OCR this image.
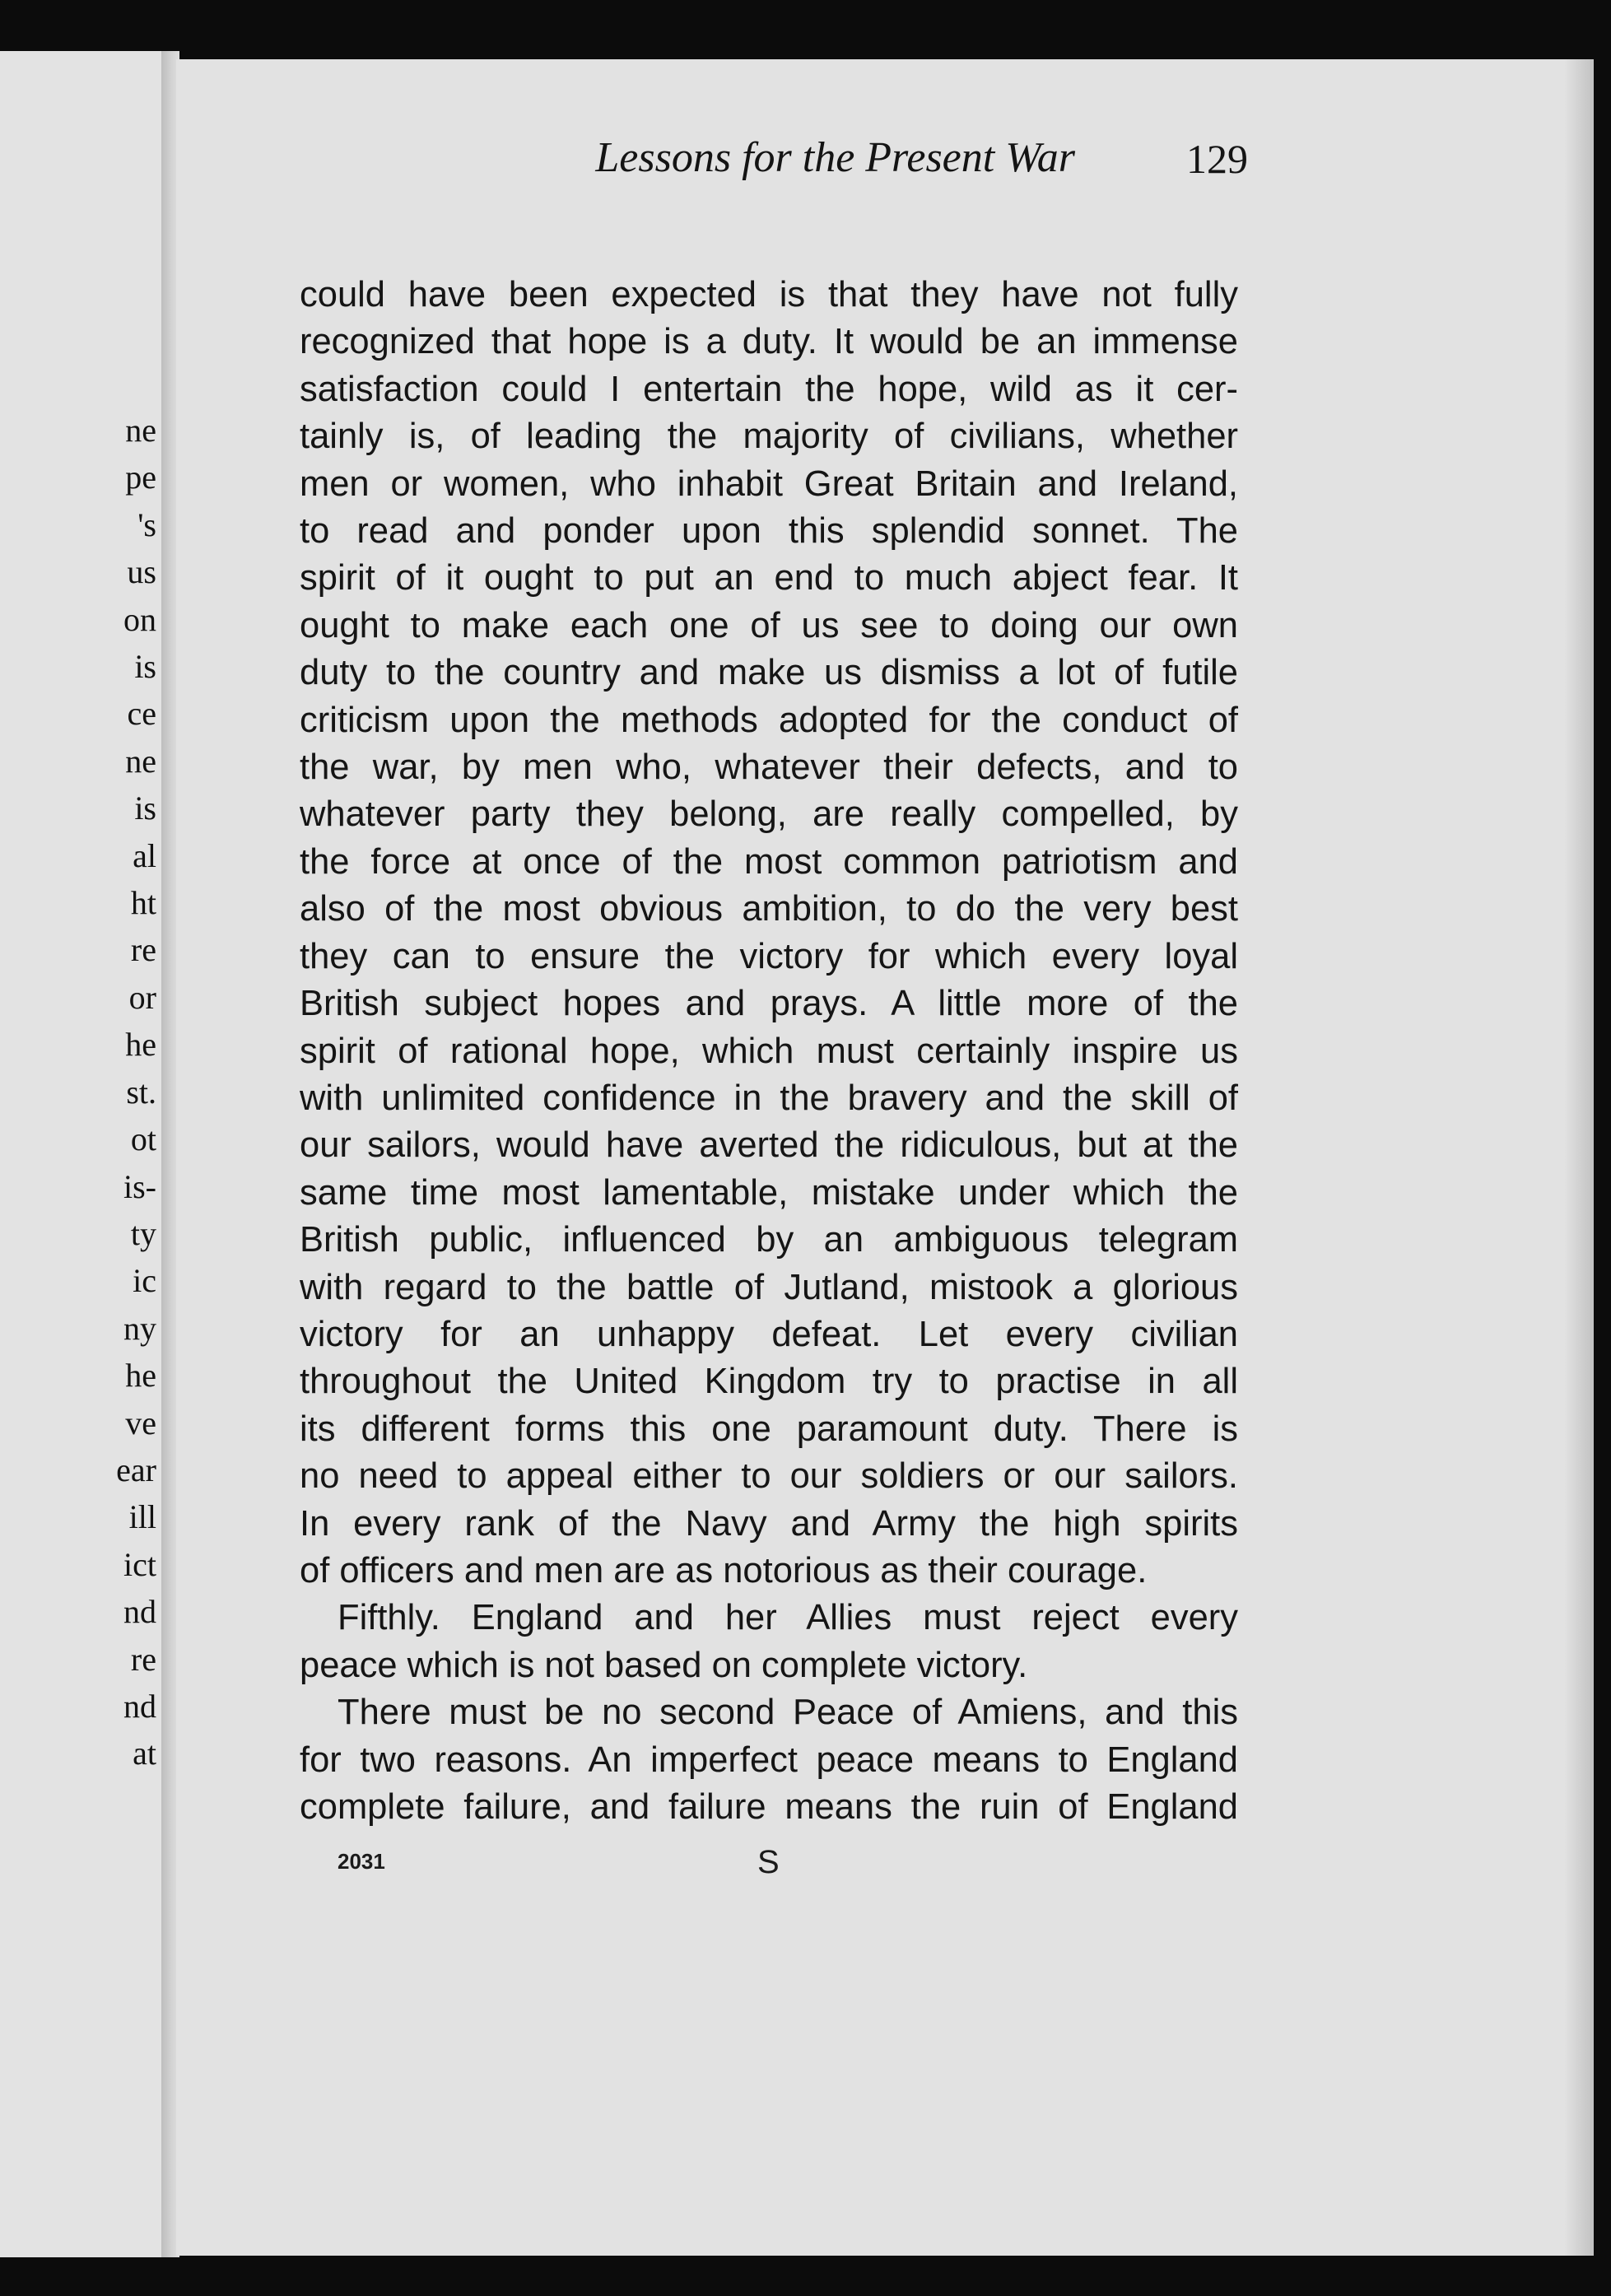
ne
pe
's
us
on
is
ce
ne
is
al
ht
re
or
he
st.
ot
is-
ty
ic
ny
he
ve
ear
ill
ict
nd
re
nd
at
Lessons for the Present War	129
could have been expected is that they have not fully
recognized that hope is a duty. It would be an immense
satisfaction could I entertain the hope, wild as it cer-
tainly is, of leading the majority of civilians, whether
men or women, who inhabit Great Britain and Ireland,
to read and ponder upon this splendid sonnet. The
spirit of it ought to put an end to much abject fear. It
ought to make each one of us see to doing our own
duty to the country and make us dismiss a lot of futile
criticism upon the methods adopted for the conduct of
the war, by men who, whatever their defects, and to
whatever party they belong, are really compelled, by
the force at once of the most common patriotism and
also of the most obvious ambition, to do the very best
they can to ensure the victory for which every loyal
British subject hopes and prays. A little more of the
spirit of rational hope, which must certainly inspire us
with unlimited confidence in the bravery and the skill of
our sailors, would have averted the ridiculous, but at the
same time most lamentable, mistake under which the
British public, influenced by an ambiguous telegram
with regard to the battle of Jutland, mistook a glorious
victory for an unhappy defeat. Let every civilian
throughout the United Kingdom try to practise in all
its different forms this one paramount duty. There is
no need to appeal either to our soldiers or our sailors.
In every rank of the Navy and Army the high spirits
of officers and men are as notorious as their courage.
Fifthly. England and her Allies must reject every
peace which is not based on complete victory.
There must be no second Peace of Amiens, and this
for two reasons. An imperfect peace means to England
complete failure, and failure means the ruin of England
2031	S
